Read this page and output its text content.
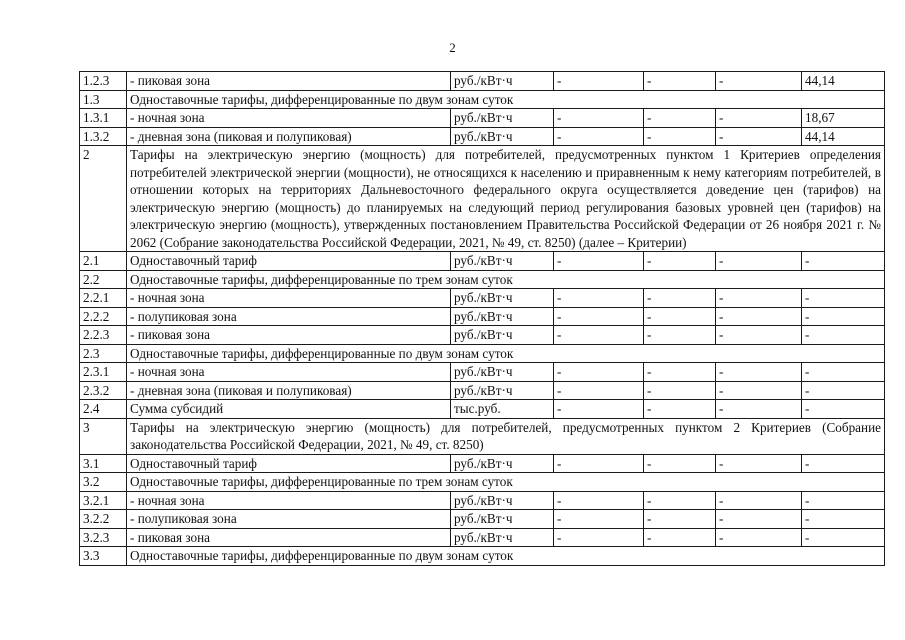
2
1.2.3	- пиковая зона	руб./кВт·ч	-	-	-	44,14
1.3	Одноставочные тарифы, дифференцированные по двум зонам суток					
1.3.1	- ночная зона	руб./кВт·ч	-	-	-	18,67
1.3.2	- дневная зона (пиковая и полупиковая)	руб./кВт·ч	-	-	-	44,14
2	Тарифы на электрическую энергию (мощность) для потребителей, предусмотренных пунктом 1 Критериев определения потребителей электрической энергии (мощности), не относящихся к населению и приравненным к нему категориям потребителей, в отношении которых на территориях Дальневосточного федерального округа осуществляется доведение цен (тарифов) на электрическую энергию (мощность) до планируемых на следующий период регулирования базовых уровней цен (тарифов) на электрическую энергию (мощность), утвержденных постановлением Правительства Российской Федерации от 26 ноября 2021 г. № 2062 (Собрание законодательства Российской Федерации, 2021, № 49, ст. 8250) (далее – Критерии)					
2.1	Одноставочный тариф	руб./кВт·ч	-	-	-	-
2.2	Одноставочные тарифы, дифференцированные по трем зонам суток					
2.2.1	- ночная зона	руб./кВт·ч	-	-	-	-
2.2.2	- полупиковая зона	руб./кВт·ч	-	-	-	-
2.2.3	- пиковая зона	руб./кВт·ч	-	-	-	-
2.3	Одноставочные тарифы, дифференцированные по двум зонам суток					
2.3.1	- ночная зона	руб./кВт·ч	-	-	-	-
2.3.2	- дневная зона (пиковая и полупиковая)	руб./кВт·ч	-	-	-	-
2.4	Сумма субсидий	тыс.руб.	-	-	-	-
3	Тарифы на электрическую энергию (мощность) для потребителей, предусмотренных пунктом 2 Критериев (Собрание законодательства Российской Федерации, 2021, № 49, ст. 8250)					
3.1	Одноставочный тариф	руб./кВт·ч	-	-	-	-
3.2	Одноставочные тарифы, дифференцированные по трем зонам суток					
3.2.1	- ночная зона	руб./кВт·ч	-	-	-	-
3.2.2	- полупиковая зона	руб./кВт·ч	-	-	-	-
3.2.3	- пиковая зона	руб./кВт·ч	-	-	-	-
3.3	Одноставочные тарифы, дифференцированные по двум зонам суток					
